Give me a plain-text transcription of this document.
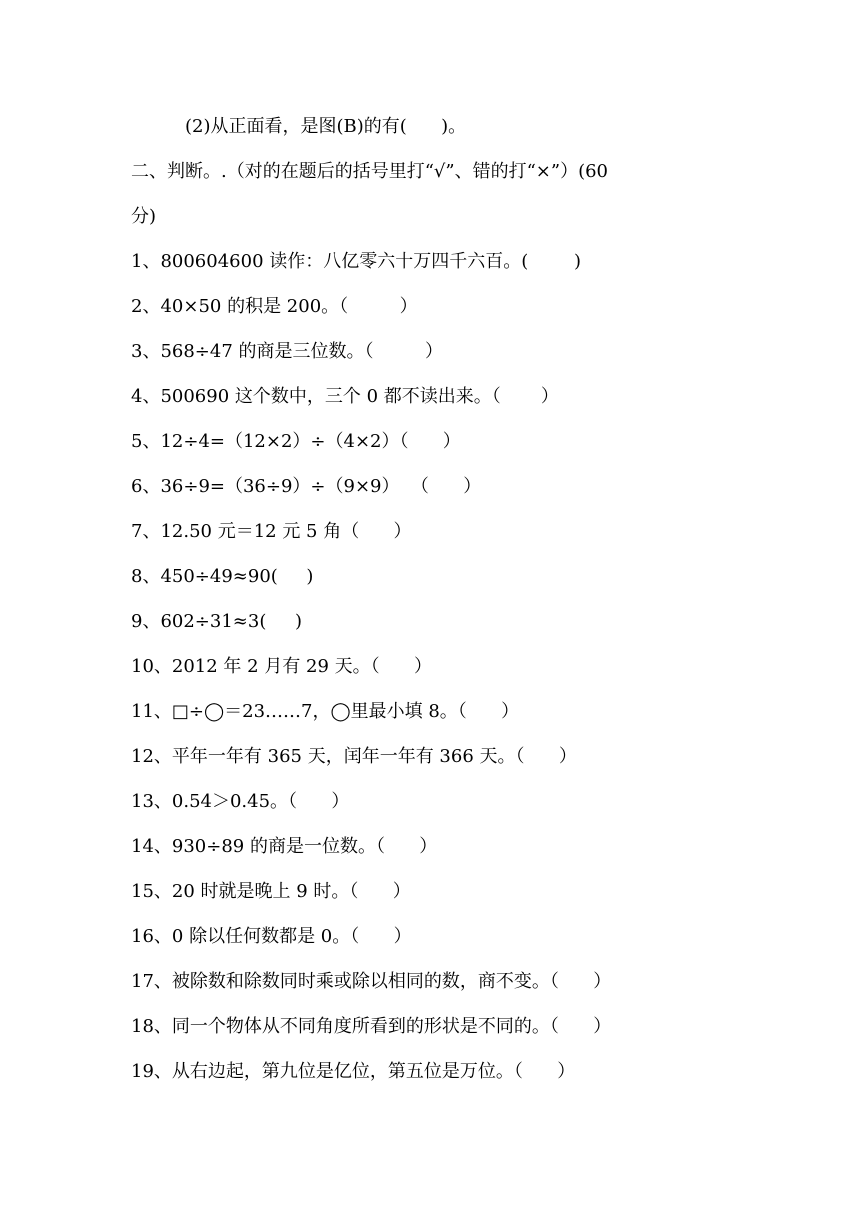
(2)从正面看，是图(B)的有(      )。
二、判断。.（对的在题后的括号里打“√”、错的打“×”）(60
分)
1、800604600 读作：八亿零六十万四千六百。(        )
2、40×50 的积是 200。（         ）
3、568÷47 的商是三位数。（         ）
4、500690 这个数中，三个 0 都不读出来。（       ）
5、12÷4=（12×2）÷（4×2）（      ）
6、36÷9=（36÷9）÷（9×9）  （      ）
7、12.50 元＝12 元 5 角（      ）
8、450÷49≈90(     )
9、602÷31≈3(     )
10、2012 年 2 月有 29 天。（      ）
11、□÷◯＝23……7，◯里最小填 8。（      ）
12、平年一年有 365 天，闰年一年有 366 天。（      ）
13、0.54＞0.45。（      ）
14、930÷89 的商是一位数。（      ）
15、20 时就是晚上 9 时。（      ）
16、0 除以任何数都是 0。（      ）
17、被除数和除数同时乘或除以相同的数，商不变。（      ）
18、同一个物体从不同角度所看到的形状是不同的。（      ）
19、从右边起，第九位是亿位，第五位是万位。（      ）
